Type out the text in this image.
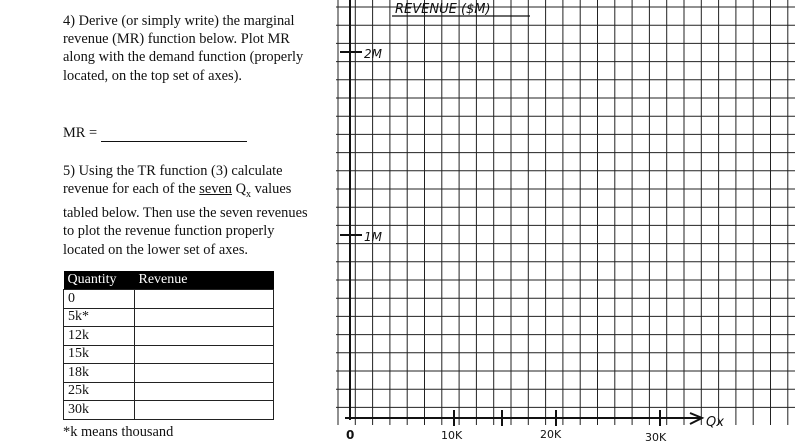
4) Derive (or simply write) the marginal revenue (MR) function below. Plot MR along with the demand function (properly located, on the top set of axes).

MR =

5) Using the TR function (3) calculate revenue for each of the seven $Q_x$ values tabled below. Then use the seven revenues to plot the revenue function properly located on the lower set of axes.

Quantity	Revenue
0	
5k*	
12k	
15k	
18k	
25k	
30k	
*k means thousand
REVENUE ($M)
2M
1M
0	10K	20K	30K
Qx
